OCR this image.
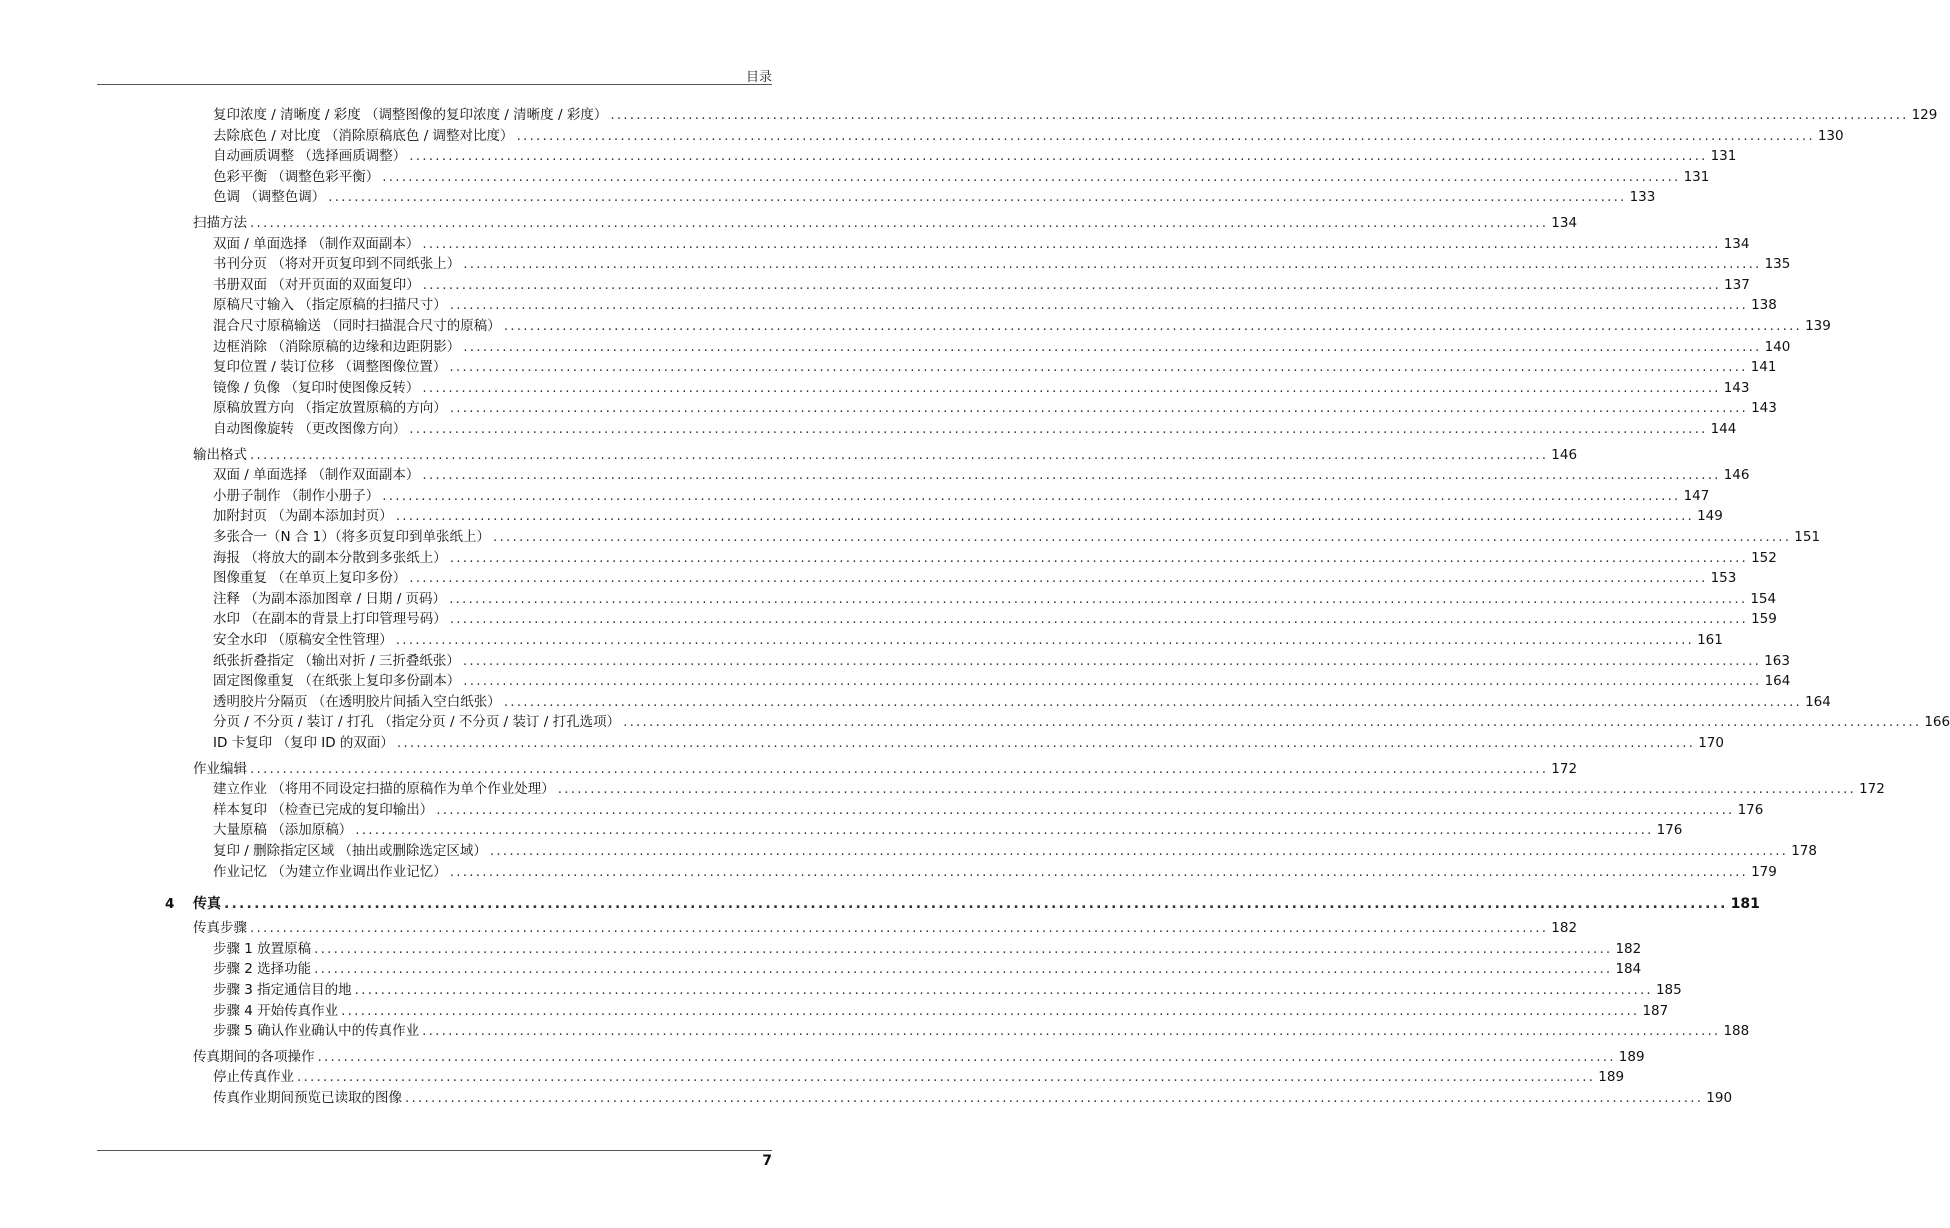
目录
复印浓度 / 清晰度 / 彩度 （调整图像的复印浓度 / 清晰度 / 彩度） ........................................................................................................................................................................................................ 129
去除底色 / 对比度 （消除原稿底色 / 调整对比度） ........................................................................................................................................................................................................ 130
自动画质调整 （选择画质调整） ........................................................................................................................................................................................................ 131
色彩平衡 （调整色彩平衡） ........................................................................................................................................................................................................ 131
色调 （调整色调） ........................................................................................................................................................................................................ 133
扫描方法 ........................................................................................................................................................................................................ 134
双面 / 单面选择 （制作双面副本） ........................................................................................................................................................................................................ 134
书刊分页 （将对开页复印到不同纸张上） ........................................................................................................................................................................................................ 135
书册双面 （对开页面的双面复印） ........................................................................................................................................................................................................ 137
原稿尺寸输入 （指定原稿的扫描尺寸） ........................................................................................................................................................................................................ 138
混合尺寸原稿输送 （同时扫描混合尺寸的原稿） ........................................................................................................................................................................................................ 139
边框消除 （消除原稿的边缘和边距阴影） ........................................................................................................................................................................................................ 140
复印位置 / 装订位移 （调整图像位置） ........................................................................................................................................................................................................ 141
镜像 / 负像 （复印时使图像反转） ........................................................................................................................................................................................................ 143
原稿放置方向 （指定放置原稿的方向） ........................................................................................................................................................................................................ 143
自动图像旋转 （更改图像方向） ........................................................................................................................................................................................................ 144
输出格式 ........................................................................................................................................................................................................ 146
双面 / 单面选择 （制作双面副本） ........................................................................................................................................................................................................ 146
小册子制作 （制作小册子） ........................................................................................................................................................................................................ 147
加附封页 （为副本添加封页） ........................................................................................................................................................................................................ 149
多张合一（N 合 1）（将多页复印到单张纸上） ........................................................................................................................................................................................................ 151
海报 （将放大的副本分散到多张纸上） ........................................................................................................................................................................................................ 152
图像重复 （在单页上复印多份） ........................................................................................................................................................................................................ 153
注释 （为副本添加图章 / 日期 / 页码） ........................................................................................................................................................................................................ 154
水印 （在副本的背景上打印管理号码） ........................................................................................................................................................................................................ 159
安全水印 （原稿安全性管理） ........................................................................................................................................................................................................ 161
纸张折叠指定 （输出对折 / 三折叠纸张） ........................................................................................................................................................................................................ 163
固定图像重复 （在纸张上复印多份副本） ........................................................................................................................................................................................................ 164
透明胶片分隔页 （在透明胶片间插入空白纸张） ........................................................................................................................................................................................................ 164
分页 / 不分页 / 装订 / 打孔 （指定分页 / 不分页 / 装订 / 打孔选项） ........................................................................................................................................................................................................ 166
ID 卡复印 （复印 ID 的双面） ........................................................................................................................................................................................................ 170
作业编辑 ........................................................................................................................................................................................................ 172
建立作业 （将用不同设定扫描的原稿作为单个作业处理） ........................................................................................................................................................................................................ 172
样本复印 （检查已完成的复印输出） ........................................................................................................................................................................................................ 176
大量原稿 （添加原稿） ........................................................................................................................................................................................................ 176
复印 / 删除指定区域 （抽出或删除选定区域） ........................................................................................................................................................................................................ 178
作业记忆 （为建立作业调出作业记忆） ........................................................................................................................................................................................................ 179
4 传真 ........................................................................................................................................................................................................ 181
传真步骤 ........................................................................................................................................................................................................ 182
步骤 1 放置原稿 ........................................................................................................................................................................................................ 182
步骤 2 选择功能 ........................................................................................................................................................................................................ 184
步骤 3 指定通信目的地 ........................................................................................................................................................................................................ 185
步骤 4 开始传真作业 ........................................................................................................................................................................................................ 187
步骤 5 确认作业确认中的传真作业 ........................................................................................................................................................................................................ 188
传真期间的各项操作 ........................................................................................................................................................................................................ 189
停止传真作业 ........................................................................................................................................................................................................ 189
传真作业期间预览已读取的图像 ........................................................................................................................................................................................................ 190
7
